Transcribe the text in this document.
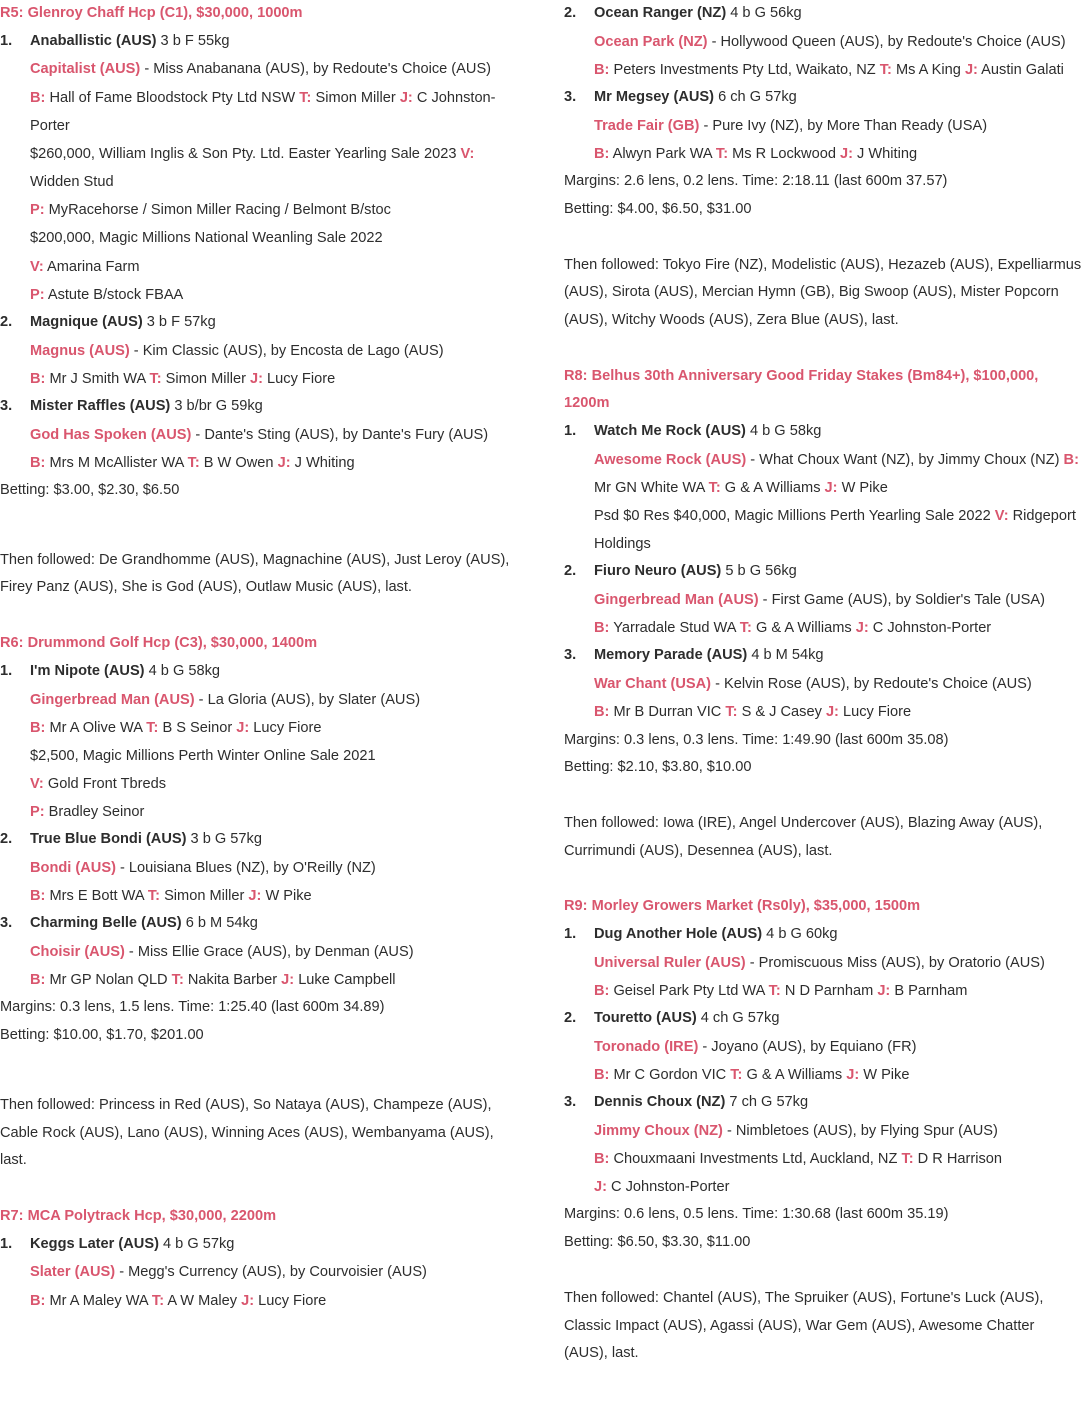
R5: Glenroy Chaff Hcp (C1), $30,000, 1000m

1.	Anaballistic (AUS) 3 b F 55kg

Capitalist (AUS) - Miss Anabanana (AUS), by Redoute's Choice (AUS)

B: Hall of Fame Bloodstock Pty Ltd NSW T: Simon Miller J: C Johnston-Porter

$260,000, William Inglis & Son Pty. Ltd. Easter Yearling Sale 2023 V: Widden Stud

P: MyRacehorse / Simon Miller Racing / Belmont B/stoc

$200,000, Magic Millions National Weanling Sale 2022

V: Amarina Farm

P: Astute B/stock FBAA

2.	Magnique (AUS) 3 b F 57kg

Magnus (AUS) - Kim Classic (AUS), by Encosta de Lago (AUS)

B: Mr J Smith WA T: Simon Miller J: Lucy Fiore

3.	Mister Raffles (AUS) 3 b/br G 59kg

God Has Spoken (AUS) - Dante's Sting (AUS), by Dante's Fury (AUS)

B: Mrs M McAllister WA T: B W Owen J: J Whiting

Betting: $3.00, $2.30, $6.50

Then followed: De Grandhomme (AUS), Magnachine (AUS), Just Leroy (AUS), Firey Panz (AUS), She is God (AUS), Outlaw Music (AUS), last.

R6: Drummond Golf Hcp (C3), $30,000, 1400m

1.	I'm Nipote (AUS) 4 b G 58kg

Gingerbread Man (AUS) - La Gloria (AUS), by Slater (AUS)

B: Mr A Olive WA T: B S Seinor J: Lucy Fiore

$2,500, Magic Millions Perth Winter Online Sale 2021

V: Gold Front Tbreds

P: Bradley Seinor

2.	True Blue Bondi (AUS) 3 b G 57kg

Bondi (AUS) - Louisiana Blues (NZ), by O'Reilly (NZ)

B: Mrs E Bott WA T: Simon Miller J: W Pike

3.	Charming Belle (AUS) 6 b M 54kg

Choisir (AUS) - Miss Ellie Grace (AUS), by Denman (AUS)

B: Mr GP Nolan QLD T: Nakita Barber J: Luke Campbell

Margins: 0.3 lens, 1.5 lens. Time: 1:25.40 (last 600m 34.89)

Betting: $10.00, $1.70, $201.00

Then followed: Princess in Red (AUS), So Nataya (AUS), Champeze (AUS), Cable Rock (AUS), Lano (AUS), Winning Aces (AUS), Wembanyama (AUS), last.

R7: MCA Polytrack Hcp, $30,000, 2200m

1.	Keggs Later (AUS) 4 b G 57kg

Slater (AUS) - Megg's Currency (AUS), by Courvoisier (AUS)

B: Mr A Maley WA T: A W Maley J: Lucy Fiore

2.	Ocean Ranger (NZ) 4 b G 56kg

Ocean Park (NZ) - Hollywood Queen (AUS), by Redoute's Choice (AUS) B: Peters Investments Pty Ltd, Waikato, NZ T: Ms A King J: Austin Galati

3.	Mr Megsey (AUS) 6 ch G 57kg

Trade Fair (GB) - Pure Ivy (NZ), by More Than Ready (USA)

B: Alwyn Park WA T: Ms R Lockwood J: J Whiting

Margins: 2.6 lens, 0.2 lens. Time: 2:18.11 (last 600m 37.57)

Betting: $4.00, $6.50, $31.00

Then followed: Tokyo Fire (NZ), Modelistic (AUS), Hezazeb (AUS), Expelliarmus (AUS), Sirota (AUS), Mercian Hymn (GB), Big Swoop (AUS), Mister Popcorn (AUS), Witchy Woods (AUS), Zera Blue (AUS), last.

R8: Belhus 30th Anniversary Good Friday Stakes (Bm84+), $100,000, 1200m

1.	Watch Me Rock (AUS) 4 b G 58kg

Awesome Rock (AUS) - What Choux Want (NZ), by Jimmy Choux (NZ) B: Mr GN White WA T: G & A Williams J: W Pike

Psd $0 Res $40,000, Magic Millions Perth Yearling Sale 2022 V: Ridgeport Holdings

2.	Fiuro Neuro (AUS) 5 b G 56kg

Gingerbread Man (AUS) - First Game (AUS), by Soldier's Tale (USA)

B: Yarradale Stud WA T: G & A Williams J: C Johnston-Porter

3.	Memory Parade (AUS) 4 b M 54kg

War Chant (USA) - Kelvin Rose (AUS), by Redoute's Choice (AUS)

B: Mr B Durran VIC T: S & J Casey J: Lucy Fiore

Margins: 0.3 lens, 0.3 lens. Time: 1:49.90 (last 600m 35.08)

Betting: $2.10, $3.80, $10.00

Then followed: Iowa (IRE), Angel Undercover (AUS), Blazing Away (AUS), Currimundi (AUS), Desennea (AUS), last.

R9: Morley Growers Market (Rs0ly), $35,000, 1500m

1.	Dug Another Hole (AUS) 4 b G 60kg

Universal Ruler (AUS) - Promiscuous Miss (AUS), by Oratorio (AUS)

B: Geisel Park Pty Ltd WA T: N D Parnham J: B Parnham

2.	Touretto (AUS) 4 ch G 57kg

Toronado (IRE) - Joyano (AUS), by Equiano (FR)

B: Mr C Gordon VIC T: G & A Williams J: W Pike

3.	Dennis Choux (NZ) 7 ch G 57kg

Jimmy Choux (NZ) - Nimbletoes (AUS), by Flying Spur (AUS)

B: Chouxmaani Investments Ltd, Auckland, NZ T: D R Harrison

J: C Johnston-Porter

Margins: 0.6 lens, 0.5 lens. Time: 1:30.68 (last 600m 35.19)

Betting: $6.50, $3.30, $11.00

Then followed: Chantel (AUS), The Spruiker (AUS), Fortune's Luck (AUS), Classic Impact (AUS), Agassi (AUS), War Gem (AUS), Awesome Chatter (AUS), last.
